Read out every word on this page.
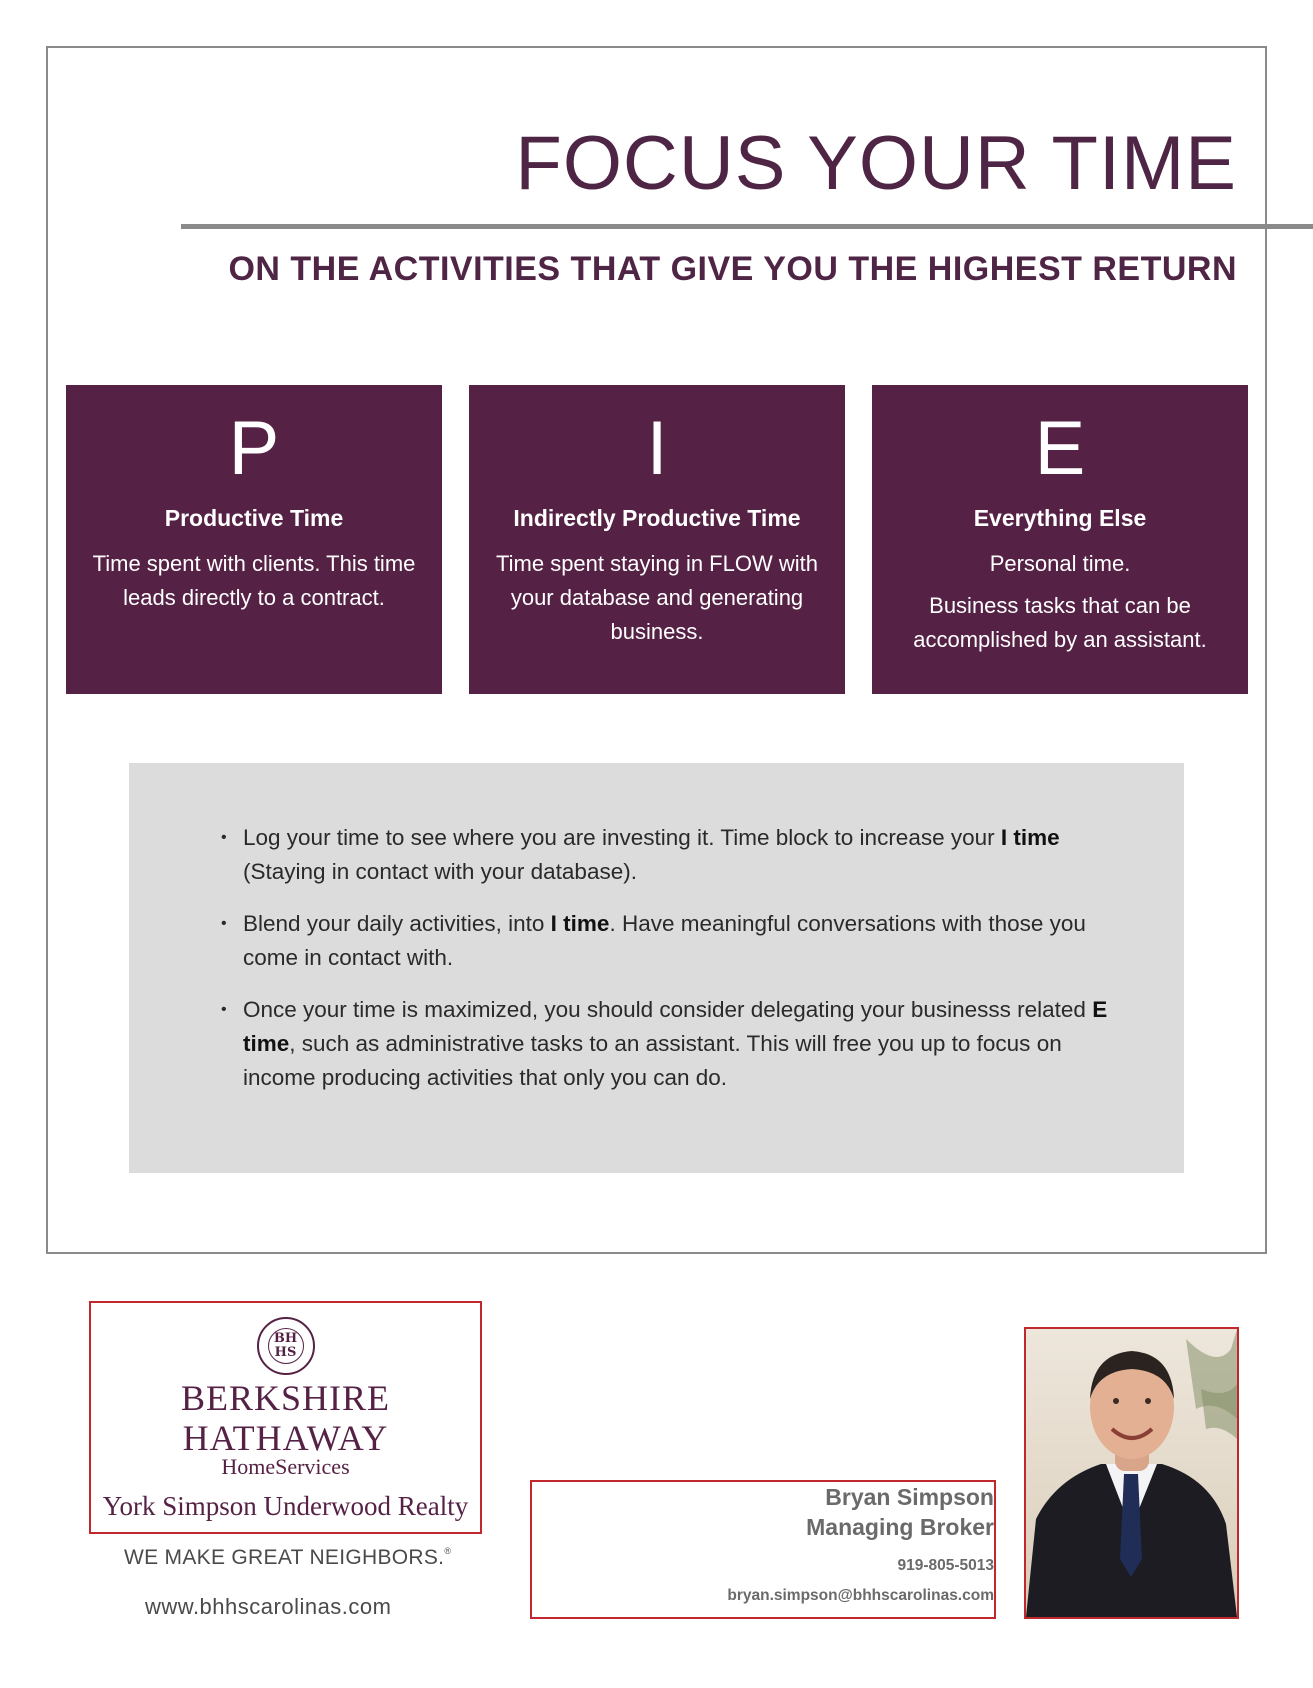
FOCUS YOUR TIME
ON THE ACTIVITIES THAT GIVE YOU THE HIGHEST RETURN
P
Productive Time

Time spent with clients. This time leads directly to a contract.

I
Indirectly Productive Time

Time spent staying in FLOW with your database and generating business.

E
Everything Else

Personal time.

Business tasks that can be accomplished by an assistant.

• Log your time to see where you are investing it. Time block to increase your I time (Staying in contact with your database).
• Blend your daily activities, into I time. Have meaningful conversations with those you come in contact with.
• Once your time is maximized, you should consider delegating your businesss related E time, such as administrative tasks to an assistant. This will free you up to focus on income producing activities that only you can do.
BH HS
BERKSHIRE
HATHAWAY
HomeServices
York Simpson Underwood Realty
WE MAKE GREAT NEIGHBORS.®
www.bhhscarolinas.com
Bryan Simpson
Managing Broker
919-805-5013
bryan.simpson@bhhscarolinas.com
